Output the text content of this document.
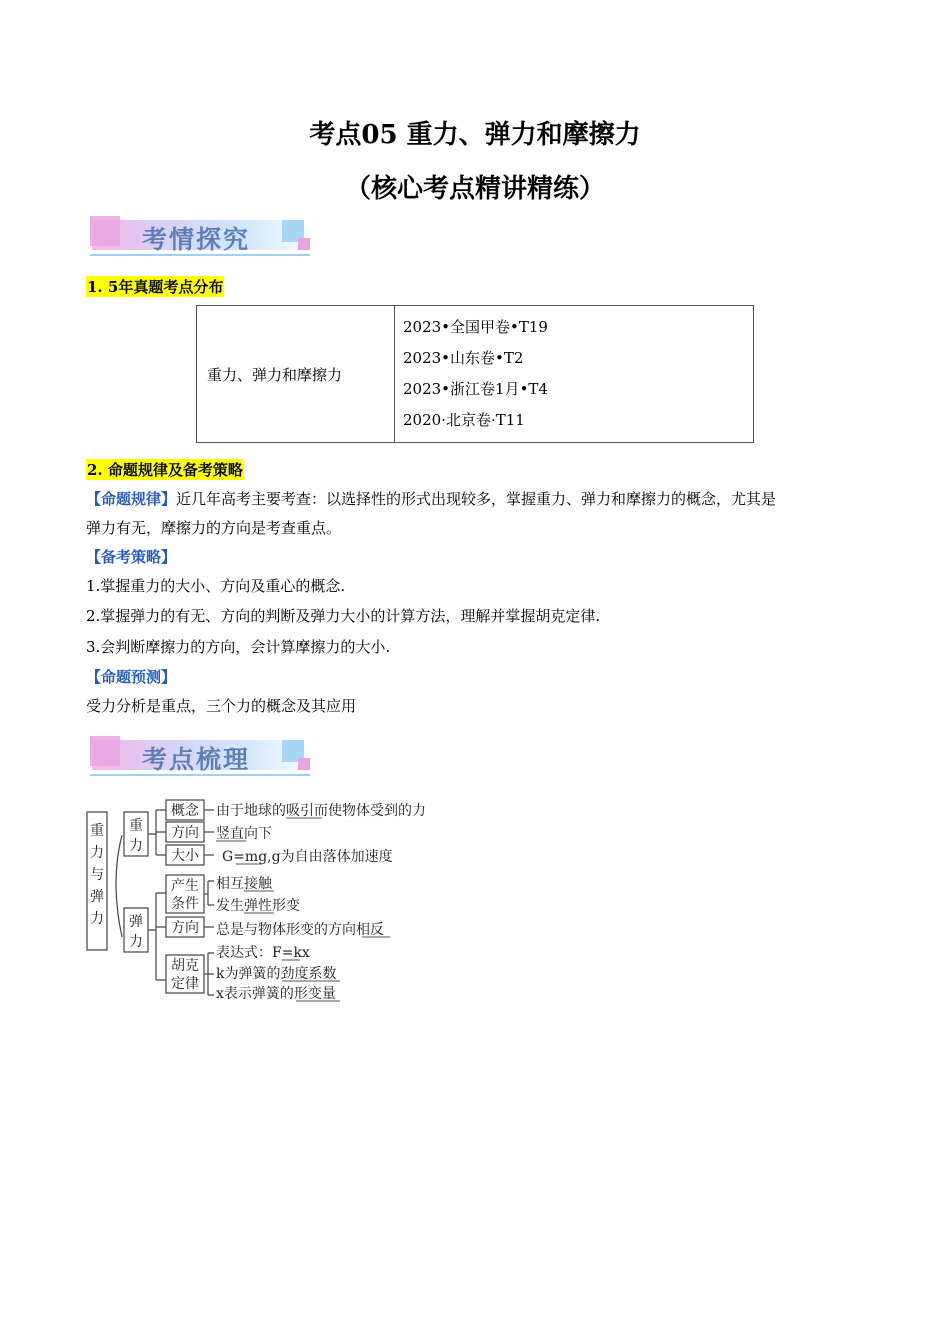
考点05 重力、弹力和摩擦力
（核心考点精讲精练）
考情探究
1. 5年真题考点分布
重力、弹力和摩擦力	
2023•全国甲卷•T19
2023•山东卷•T2
2023•浙江卷1月•T4
2020·北京卷·T11
2. 命题规律及备考策略
【命题规律】近几年高考主要考查：以选择性的形式出现较多，掌握重力、弹力和摩擦力的概念，尤其是
弹力有无，摩擦力的方向是考查重点。
【备考策略】
1.掌握重力的大小、方向及重心的概念.
2.掌握弹力的有无、方向的判断及弹力大小的计算方法，理解并掌握胡克定律.
3.会判断摩擦力的方向，会计算摩擦力的大小.
【命题预测】
受力分析是重点，三个力的概念及其应用
考点梳理
重
力
与
弹
力
重
力
概念 由于地球的吸引而使物体受到的力
方向 竖直向下
大小 G=mg,g为自由落体加速度
弹
力
产生
条件
相互接触
发生弹性形变
方向 总是与物体形变的方向相反
胡克
定律
表达式：F=kx
k为弹簧的劲度系数
x表示弹簧的形变量
